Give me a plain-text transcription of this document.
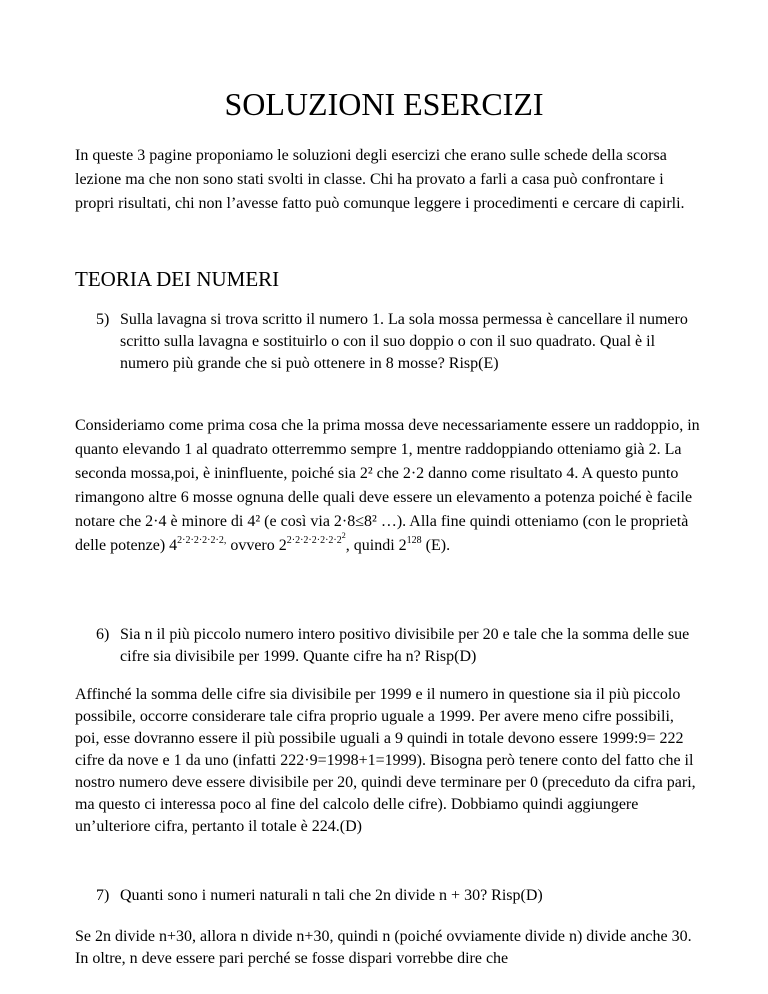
SOLUZIONI ESERCIZI

In queste 3 pagine proponiamo le soluzioni degli esercizi che erano sulle schede della scorsa lezione ma che non sono stati svolti in classe. Chi ha provato a farli a casa può confrontare i propri risultati, chi non l’avesse fatto può comunque leggere i procedimenti e cercare di capirli.

TEORIA DEI NUMERI
5) Sulla lavagna si trova scritto il numero 1. La sola mossa permessa è cancellare il numero scritto sulla lavagna e sostituirlo o con il suo doppio o con il suo quadrato. Qual è il numero più grande che si può ottenere in 8 mosse? Risp(E)

Consideriamo come prima cosa che la prima mossa deve necessariamente essere un raddoppio, in quanto elevando 1 al quadrato otterremmo sempre 1, mentre raddoppiando otteniamo già 2. La seconda mossa,poi, è ininfluente, poiché sia 2² che 2·2 danno come risultato 4. A questo punto rimangono altre 6 mosse ognuna delle quali deve essere un elevamento a potenza poiché è facile notare che 2·4 è minore di 4² (e così via 2·8≤8² …). Alla fine quindi otteniamo (con le proprietà delle potenze) $4^{2\cdot 2\cdot 2\cdot 2\cdot 2\cdot 2,}$ ovvero $2^{2\cdot 2\cdot 2\cdot 2\cdot 2\cdot 2\cdot 2^2}$, quindi $2^{128}$ (E).

6) Sia n il più piccolo numero intero positivo divisibile per 20 e tale che la somma delle sue cifre sia divisibile per 1999. Quante cifre ha n? Risp(D)

Affinché la somma delle cifre sia divisibile per 1999 e il numero in questione sia il più piccolo possibile, occorre considerare tale cifra proprio uguale a 1999. Per avere meno cifre possibili, poi, esse dovranno essere il più possibile uguali a 9 quindi in totale devono essere 1999:9= 222 cifre da nove e 1 da uno (infatti 222·9=1998+1=1999). Bisogna però tenere conto del fatto che il nostro numero deve essere divisibile per 20, quindi deve terminare per 0 (preceduto da cifra pari, ma questo ci interessa poco al fine del calcolo delle cifre). Dobbiamo quindi aggiungere un’ulteriore cifra, pertanto il totale è 224.(D)

7) Quanti sono i numeri naturali n tali che 2n divide n + 30? Risp(D)

Se 2n divide n+30, allora n divide n+30, quindi n (poiché ovviamente divide n) divide anche 30. In oltre, n deve essere pari perché se fosse dispari vorrebbe dire che
